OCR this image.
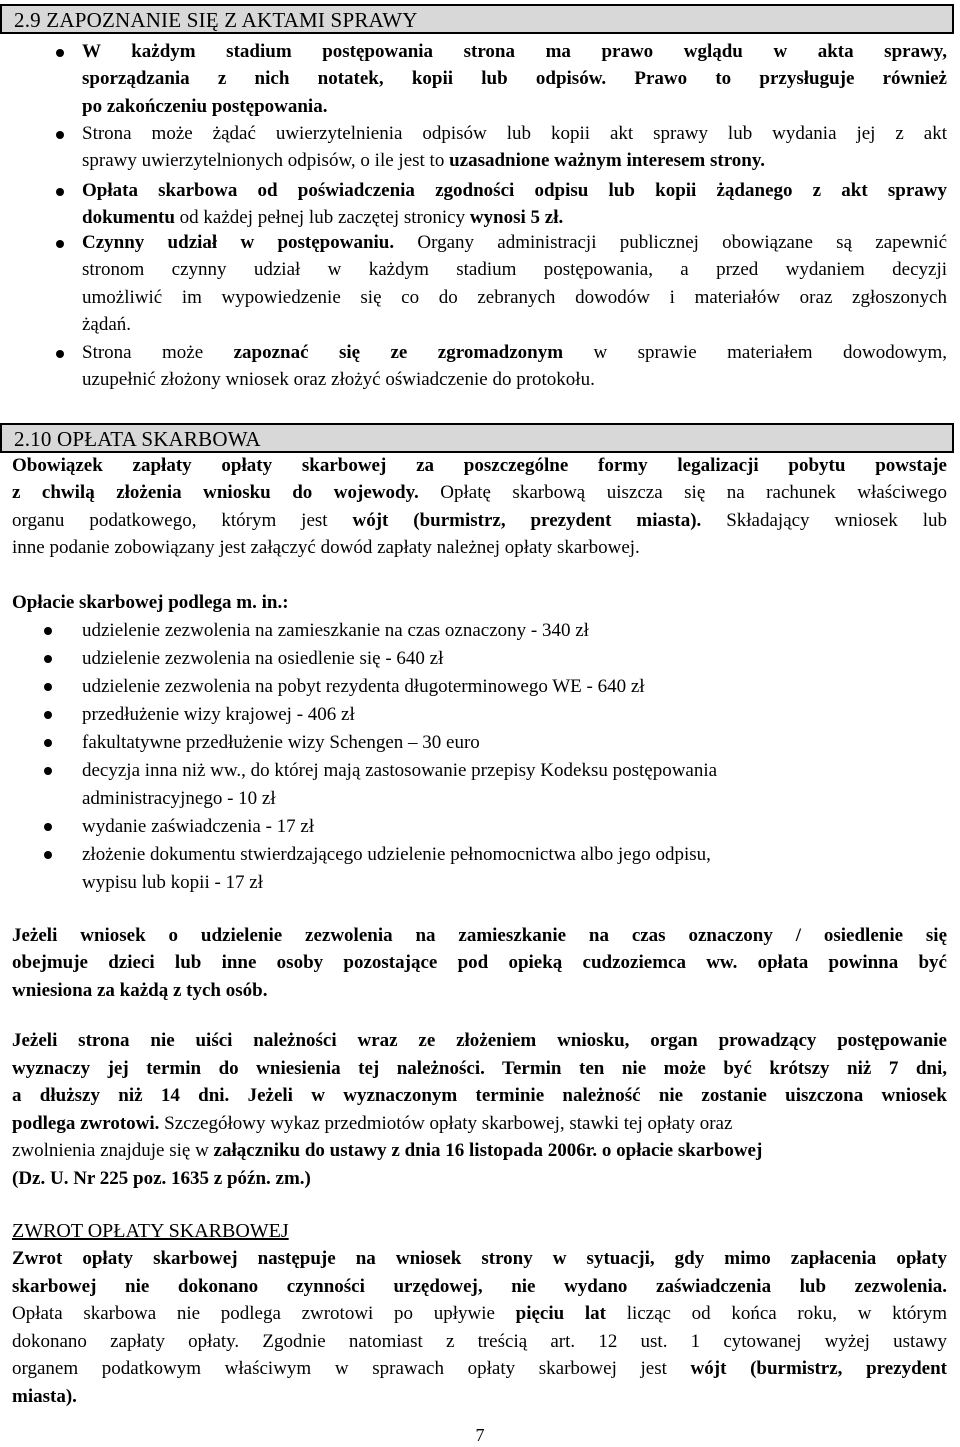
2.9 ZAPOZNANIE SIĘ Z AKTAMI SPRAWY
W każdym stadium postępowania strona ma prawo wglądu w akta sprawy,
sporządzania z nich notatek, kopii lub odpisów. Prawo to przysługuje również
po zakończeniu postępowania.
Strona może żądać uwierzytelnienia odpisów lub kopii akt sprawy lub wydania jej z akt
sprawy uwierzytelnionych odpisów, o ile jest to uzasadnione ważnym interesem strony.
Opłata skarbowa od poświadczenia zgodności odpisu lub kopii żądanego z akt sprawy
dokumentu od każdej pełnej lub zaczętej stronicy wynosi 5 zł.
Czynny udział w postępowaniu. Organy administracji publicznej obowiązane są zapewnić
stronom czynny udział w każdym stadium postępowania, a przed wydaniem decyzji
umożliwić im wypowiedzenie się co do zebranych dowodów i materiałów oraz zgłoszonych
żądań.
Strona może zapoznać się ze zgromadzonym w sprawie materiałem dowodowym,
uzupełnić złożony wniosek oraz złożyć oświadczenie do protokołu.
2.10 OPŁATA SKARBOWA
Obowiązek zapłaty opłaty skarbowej za poszczególne formy legalizacji pobytu powstaje
z chwilą złożenia wniosku do wojewody. Opłatę skarbową uiszcza się na rachunek właściwego
organu podatkowego, którym jest wójt (burmistrz, prezydent miasta). Składający wniosek lub
inne podanie zobowiązany jest załączyć dowód zapłaty należnej opłaty skarbowej.
Opłacie skarbowej podlega m. in.:
udzielenie zezwolenia na zamieszkanie na czas oznaczony - 340 zł
udzielenie zezwolenia na osiedlenie się - 640 zł
udzielenie zezwolenia na pobyt rezydenta długoterminowego WE - 640 zł
przedłużenie wizy krajowej - 406 zł
fakultatywne przedłużenie wizy Schengen – 30 euro
decyzja inna niż ww., do której mają zastosowanie przepisy Kodeksu postępowania
administracyjnego - 10 zł
wydanie zaświadczenia - 17 zł
złożenie dokumentu stwierdzającego udzielenie pełnomocnictwa albo jego odpisu,
wypisu lub kopii - 17 zł
Jeżeli wniosek o udzielenie zezwolenia na zamieszkanie na czas oznaczony / osiedlenie się
obejmuje dzieci lub inne osoby pozostające pod opieką cudzoziemca ww. opłata powinna być
wniesiona za każdą z tych osób.
Jeżeli strona nie uiści należności wraz ze złożeniem wniosku, organ prowadzący postępowanie
wyznaczy jej termin do wniesienia tej należności. Termin ten nie może być krótszy niż 7 dni,
a dłuższy niż 14 dni. Jeżeli w wyznaczonym terminie należność nie zostanie uiszczona wniosek
podlega zwrotowi. Szczegółowy wykaz przedmiotów opłaty skarbowej, stawki tej opłaty oraz
zwolnienia znajduje się w załączniku do ustawy z dnia 16 listopada 2006r. o opłacie skarbowej
(Dz. U. Nr 225 poz. 1635 z późn. zm.)
ZWROT OPŁATY SKARBOWEJ
Zwrot opłaty skarbowej następuje na wniosek strony w sytuacji, gdy mimo zapłacenia opłaty
skarbowej nie dokonano czynności urzędowej, nie wydano zaświadczenia lub zezwolenia.
Opłata skarbowa nie podlega zwrotowi po upływie pięciu lat licząc od końca roku, w którym
dokonano zapłaty opłaty. Zgodnie natomiast z treścią art. 12 ust. 1 cytowanej wyżej ustawy
organem podatkowym właściwym w sprawach opłaty skarbowej jest wójt (burmistrz, prezydent
miasta).
7
